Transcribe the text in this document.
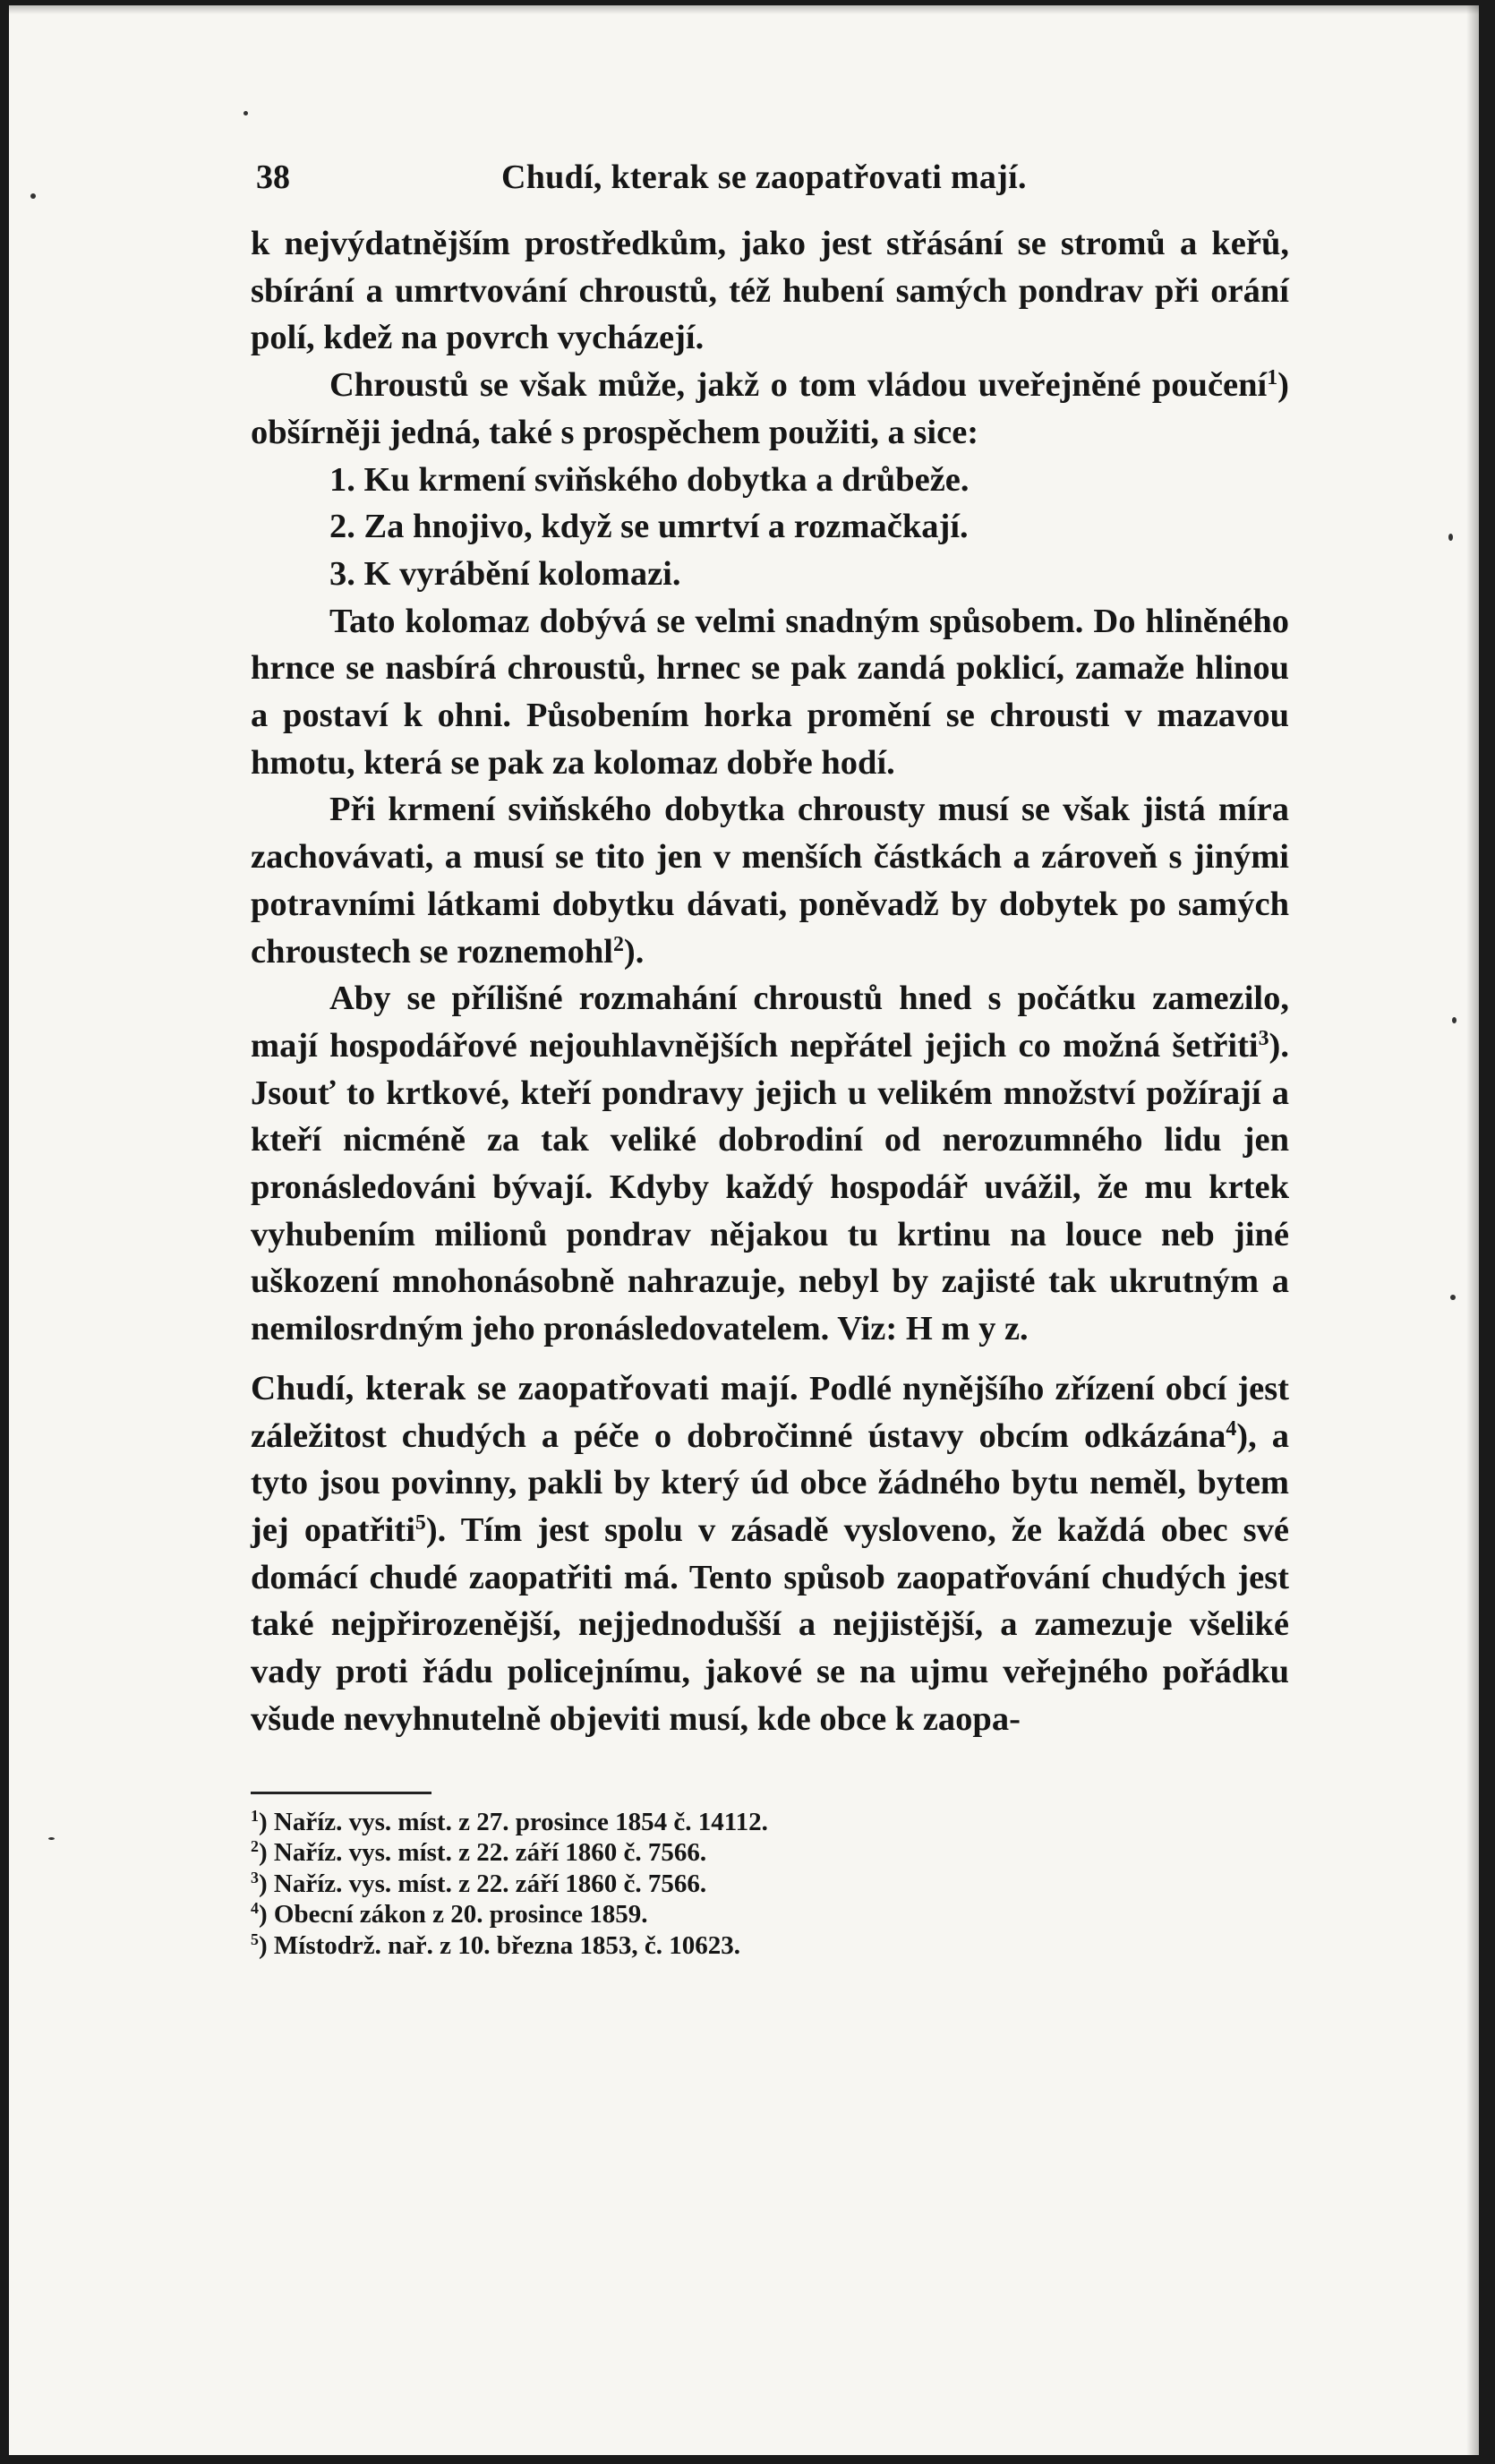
38	Chudí, kterak se zaopatřovati mají.

k nejvýdatnějším prostředkům, jako jest střásání se stromů a keřů, sbírání a umrtvování chroustů, též hubení samých pondrav při orání polí, kdež na povrch vycházejí.

Chroustů se však může, jakž o tom vládou uveřejněné poučení$^1$) obšírněji jedná, také s prospěchem použiti, a sice:

1. Ku krmení sviňského dobytka a drůbeže.

2. Za hnojivo, když se umrtví a rozmačkají.

3. K vyrábění kolomazi.

Tato kolomaz dobývá se velmi snadným spůsobem. Do hliněného hrnce se nasbírá chroustů, hrnec se pak zandá poklicí, zamaže hlinou a postaví k ohni. Působením horka promění se chrousti v mazavou hmotu, která se pak za kolomaz dobře hodí.

Při krmení sviňského dobytka chrousty musí se však jistá míra zachovávati, a musí se tito jen v menších částkách a zároveň s jinými potravními látkami dobytku dávati, poněvadž by dobytek po samých chroustech se roznemohl$^2$).

Aby se přílišné rozmahání chroustů hned s počátku zamezilo, mají hospodářové nejouhlavnějších nepřátel jejich co možná šetřiti$^3$). Jsouť to krtkové, kteří pondravy jejich u velikém množství požírají a kteří nicméně za tak veliké dobrodiní od nerozumného lidu jen pronásledováni bývají. Kdyby každý hospodář uvážil, že mu krtek vyhubením milionů pondrav nějakou tu krtinu na louce neb jiné uškození mnohonásobně nahrazuje, nebyl by zajisté tak ukrutným a nemilosrdným jeho pronásledovatelem. Viz: H m y z.

Chudí, kterak se zaopatřovati mají. Podlé nynějšího zřízení obcí jest záležitost chudých a péče o dobročinné ústavy obcím odkázána$^4$), a tyto jsou povinny, pakli by který úd obce žádného bytu neměl, bytem jej opatřiti$^5$). Tím jest spolu v zásadě vysloveno, že každá obec své domácí chudé zaopatřiti má. Tento spůsob zaopatřování chudých jest také nejpřirozenější, nejjednodušší a nejjistější, a zamezuje všeliké vady proti řádu policejnímu, jakové se na ujmu veřejného pořádku všude nevyhnutelně objeviti musí, kde obce k zaopa-

$^1$) Naříz. vys. míst. z 27. prosince 1854 č. 14112.
$^2$) Naříz. vys. míst. z 22. září 1860 č. 7566.
$^3$) Naříz. vys. míst. z 22. září 1860 č. 7566.
$^4$) Obecní zákon z 20. prosince 1859.
$^5$) Místodrž. nař. z 10. března 1853, č. 10623.
